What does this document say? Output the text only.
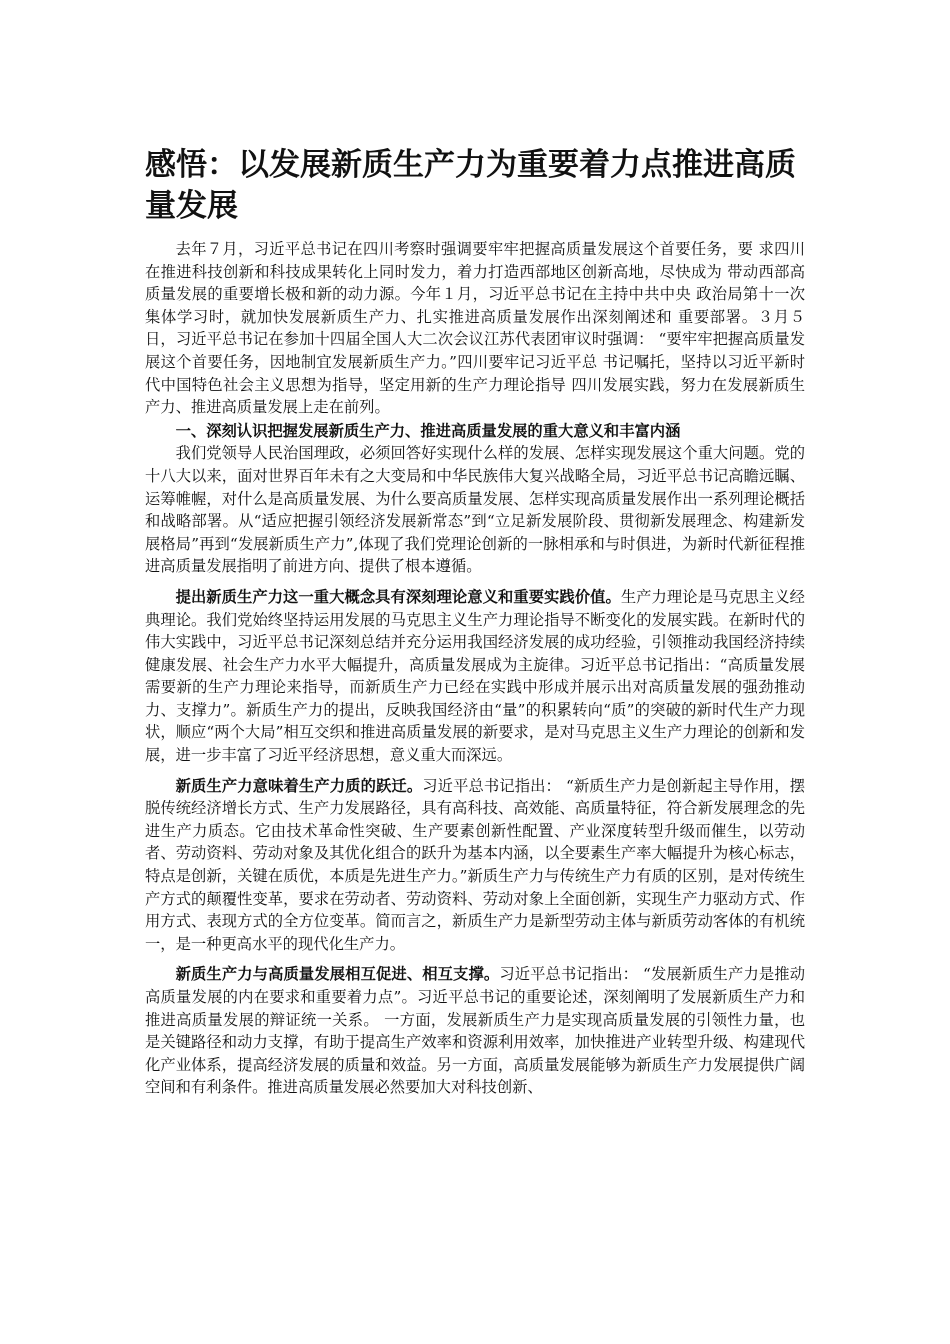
感悟：以发展新质生产力为重要着力点推进高质量发展

去年７月，习近平总书记在四川考察时强调要牢牢把握高质量发展这个首要任务，要 求四川在推进科技创新和科技成果转化上同时发力，着力打造西部地区创新高地，尽快成为 带动西部高质量发展的重要增长极和新的动力源。今年１月，习近平总书记在主持中共中央 政治局第十一次集体学习时，就加快发展新质生产力、扎实推进高质量发展作出深刻阐述和 重要部署。３月５日，习近平总书记在参加十四届全国人大二次会议江苏代表团审议时强调： “要牢牢把握高质量发展这个首要任务，因地制宜发展新质生产力。”四川要牢记习近平总 书记嘱托，坚持以习近平新时代中国特色社会主义思想为指导，坚定用新的生产力理论指导 四川发展实践，努力在发展新质生产力、推进高质量发展上走在前列。

一、深刻认识把握发展新质生产力、推进高质量发展的重大意义和丰富内涵

我们党领导人民治国理政，必须回答好实现什么样的发展、怎样实现发展这个重大问题。党的十八大以来，面对世界百年未有之大变局和中华民族伟大复兴战略全局，习近平总书记高瞻远瞩、运筹帷幄，对什么是高质量发展、为什么要高质量发展、怎样实现高质量发展作出一系列理论概括和战略部署。从“适应把握引领经济发展新常态”到“立足新发展阶段、贯彻新发展理念、构建新发展格局”再到“发展新质生产力”,体现了我们党理论创新的一脉相承和与时俱进，为新时代新征程推进高质量发展指明了前进方向、提供了根本遵循。

提出新质生产力这一重大概念具有深刻理论意义和重要实践价值。生产力理论是马克思主义经典理论。我们党始终坚持运用发展的马克思主义生产力理论指导不断变化的发展实践。在新时代的伟大实践中，习近平总书记深刻总结并充分运用我国经济发展的成功经验，引领推动我国经济持续健康发展、社会生产力水平大幅提升，高质量发展成为主旋律。习近平总书记指出：“高质量发展需要新的生产力理论来指导，而新质生产力已经在实践中形成并展示出对高质量发展的强劲推动力、支撑力”。新质生产力的提出，反映我国经济由“量”的积累转向“质”的突破的新时代生产力现状，顺应“两个大局”相互交织和推进高质量发展的新要求，是对马克思主义生产力理论的创新和发展，进一步丰富了习近平经济思想，意义重大而深远。

新质生产力意味着生产力质的跃迁。习近平总书记指出： “新质生产力是创新起主导作用，摆脱传统经济增长方式、生产力发展路径，具有高科技、高效能、高质量特征，符合新发展理念的先进生产力质态。它由技术革命性突破、生产要素创新性配置、产业深度转型升级而催生，以劳动者、劳动资料、劳动对象及其优化组合的跃升为基本内涵，以全要素生产率大幅提升为核心标志，特点是创新，关键在质优，本质是先进生产力。”新质生产力与传统生产力有质的区别，是对传统生产方式的颠覆性变革，要求在劳动者、劳动资料、劳动对象上全面创新，实现生产力驱动方式、作用方式、表现方式的全方位变革。简而言之，新质生产力是新型劳动主体与新质劳动客体的有机统一，是一种更高水平的现代化生产力。

新质生产力与高质量发展相互促进、相互支撑。习近平总书记指出： “发展新质生产力是推动高质量发展的内在要求和重要着力点”。习近平总书记的重要论述，深刻阐明了发展新质生产力和推进高质量发展的辩证统一关系。 一方面，发展新质生产力是实现高质量发展的引领性力量，也是关键路径和动力支撑，有助于提高生产效率和资源利用效率，加快推进产业转型升级、构建现代化产业体系，提高经济发展的质量和效益。另一方面，高质量发展能够为新质生产力发展提供广阔空间和有利条件。推进高质量发展必然要加大对科技创新、
